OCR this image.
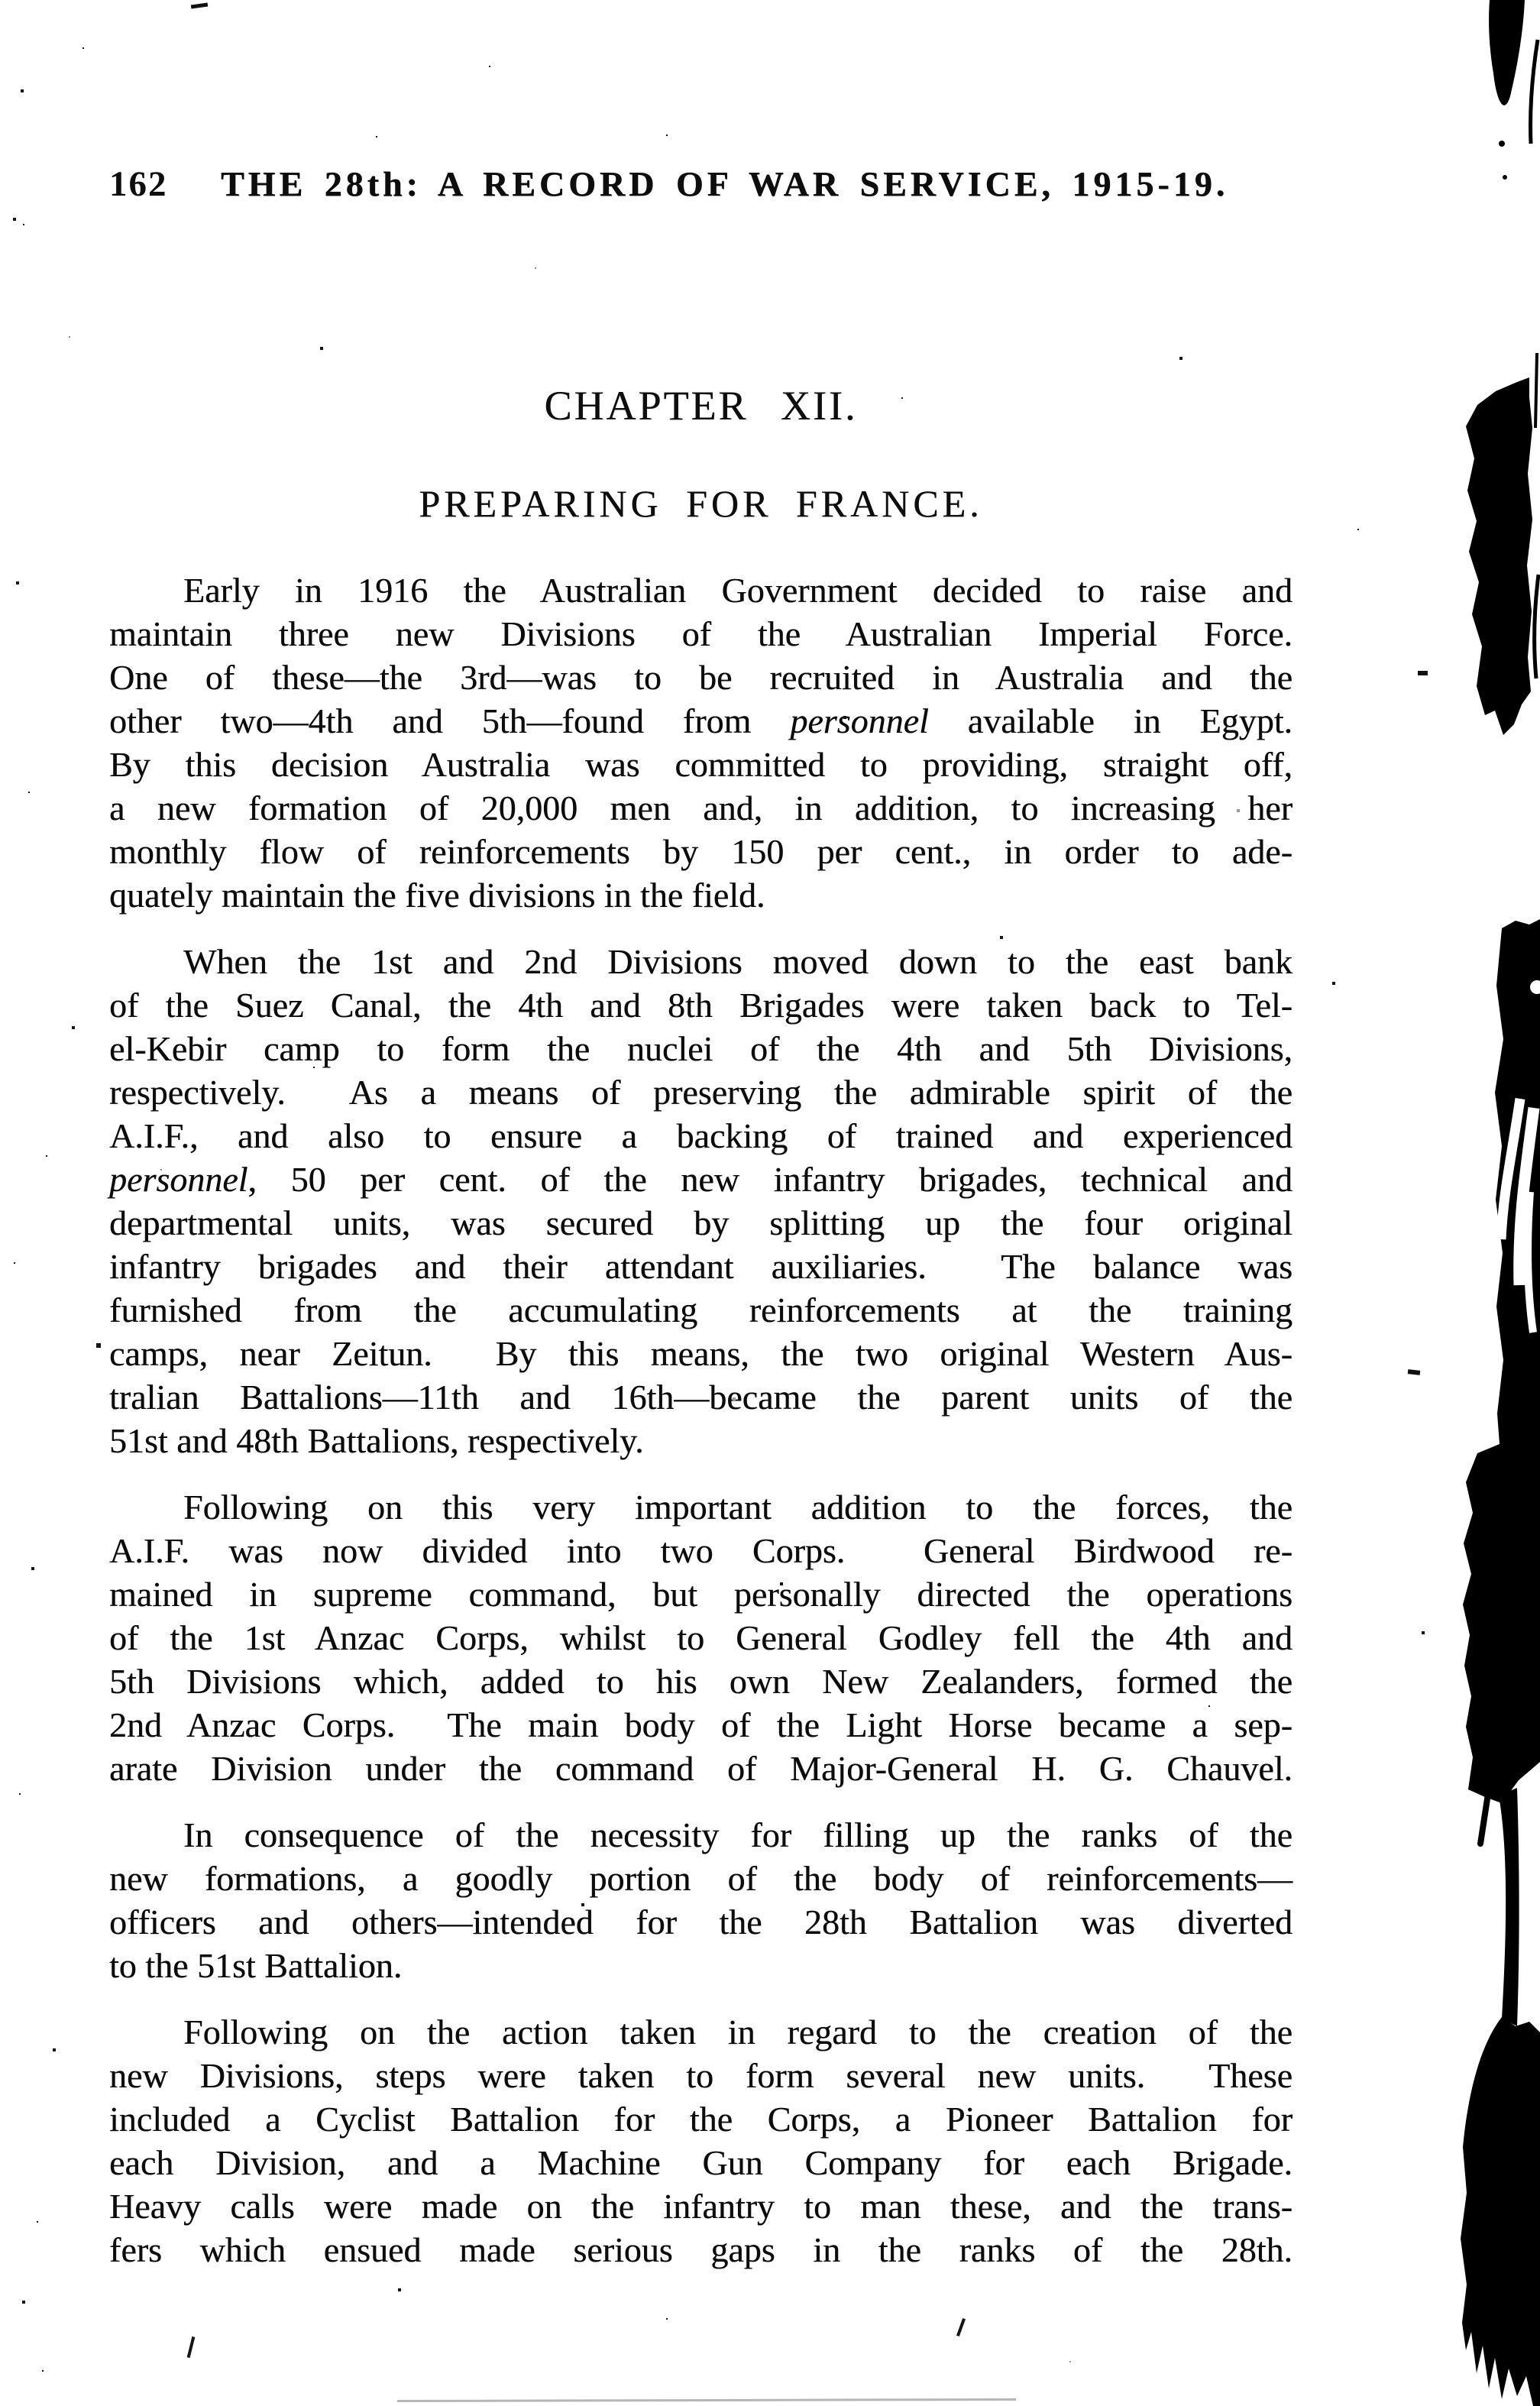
162 THE 28th: A RECORD OF WAR SERVICE, 1915-19.
CHAPTER XII.
PREPARING FOR FRANCE.
Early in 1916 the Australian Government decided to raise and
maintain three new Divisions of the Australian Imperial Force.
One of these—the 3rd—was to be recruited in Australia and the
other two—4th and 5th—found from personnel available in Egypt.
By this decision Australia was committed to providing, straight off,
a new formation of 20,000 men and, in addition, to increasing her
monthly flow of reinforcements by 150 per cent., in order to ade-
quately maintain the five divisions in the field.
When the 1st and 2nd Divisions moved down to the east bank
of the Suez Canal, the 4th and 8th Brigades were taken back to Tel-
el-Kebir camp to form the nuclei of the 4th and 5th Divisions,
respectively.  As a means of preserving the admirable spirit of the
A.I.F., and also to ensure a backing of trained and experienced
personnel, 50 per cent. of the new infantry brigades, technical and
departmental units, was secured by splitting up the four original
infantry brigades and their attendant auxiliaries.  The balance was
furnished from the accumulating reinforcements at the training
camps, near Zeitun.  By this means, the two original Western Aus-
tralian Battalions—11th and 16th—became the parent units of the
51st and 48th Battalions, respectively.
Following on this very important addition to the forces, the
A.I.F. was now divided into two Corps.  General Birdwood re-
mained in supreme command, but personally directed the operations
of the 1st Anzac Corps, whilst to General Godley fell the 4th and
5th Divisions which, added to his own New Zealanders, formed the
2nd Anzac Corps.  The main body of the Light Horse became a sep-
arate Division under the command of Major-General H. G. Chauvel.
In consequence of the necessity for filling up the ranks of the
new formations, a goodly portion of the body of reinforcements—
officers and others—intended for the 28th Battalion was diverted
to the 51st Battalion.
Following on the action taken in regard to the creation of the
new Divisions, steps were taken to form several new units.  These
included a Cyclist Battalion for the Corps, a Pioneer Battalion for
each Division, and a Machine Gun Company for each Brigade.
Heavy calls were made on the infantry to man these, and the trans-
fers which ensued made serious gaps in the ranks of the 28th.
